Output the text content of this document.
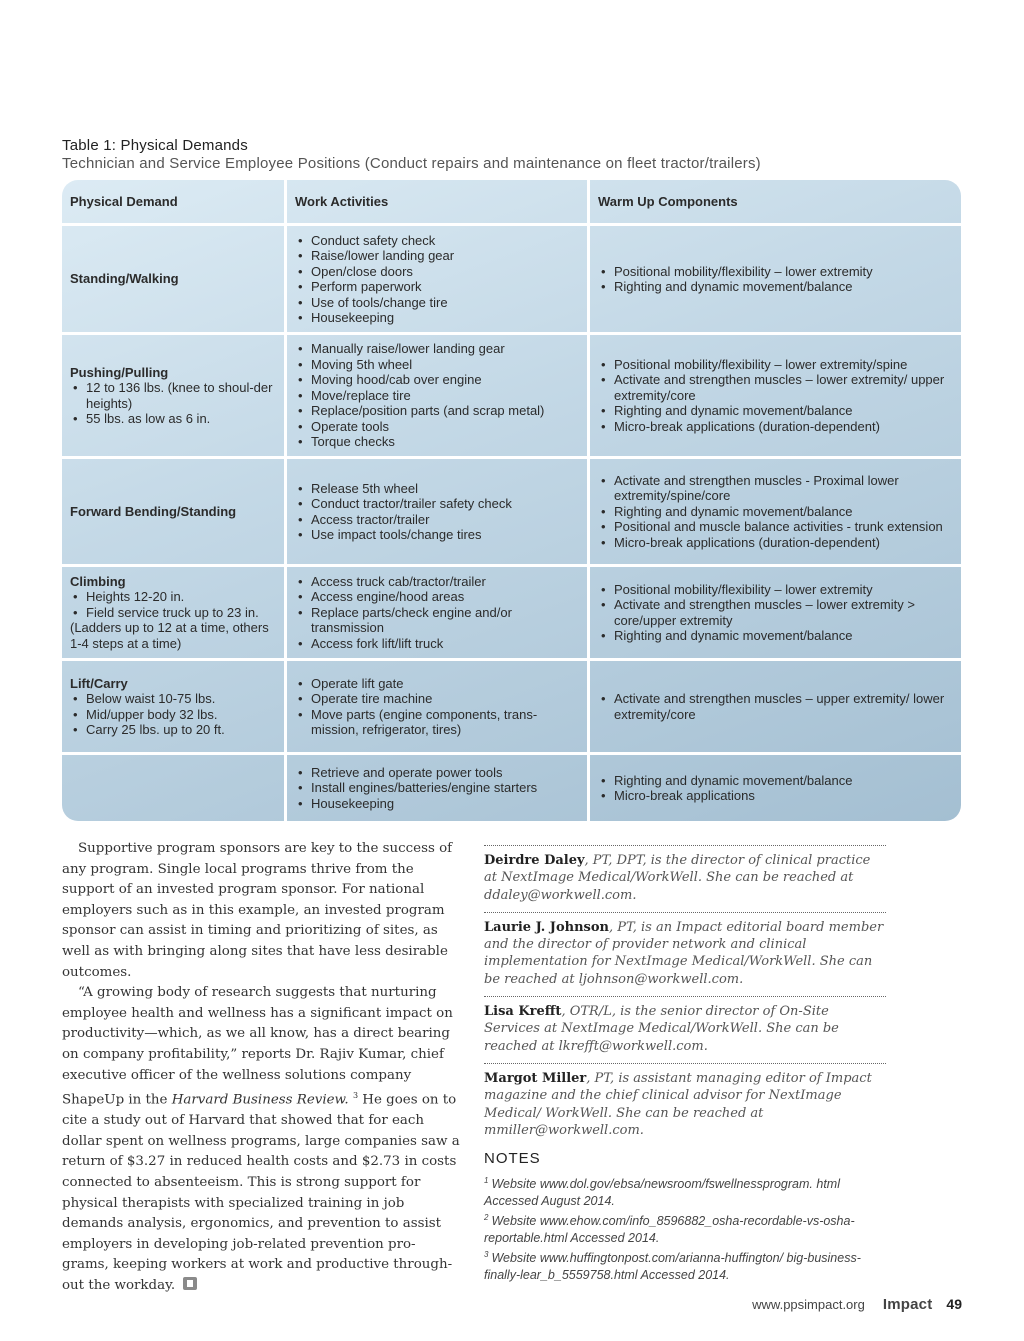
Table 1: Physical Demands
Technician and Service Employee Positions (Conduct repairs and maintenance on fleet tractor/trailers)
Physical Demand	Work Activities	Warm Up Components
Standing/Walking
• Conduct safety check
• Raise/lower landing gear
• Open/close doors
• Perform paperwork
• Use of tools/change tire
• Housekeeping
• Positional mobility/flexibility – lower extremity
• Righting and dynamic movement/balance
Pushing/Pulling
• 12 to 136 lbs. (knee to shoul-der heights)
• 55 lbs. as low as 6 in.
• Manually raise/lower landing gear
• Moving 5th wheel
• Moving hood/cab over engine
• Move/replace tire
• Replace/position parts (and scrap metal)
• Operate tools
• Torque checks
• Positional mobility/flexibility – lower extremity/spine
• Activate and strengthen muscles – lower extremity/ upper extremity/core
• Righting and dynamic movement/balance
• Micro-break applications (duration-dependent)
Forward Bending/Standing
• Release 5th wheel
• Conduct tractor/trailer safety check
• Access tractor/trailer
• Use impact tools/change tires
• Activate and strengthen muscles - Proximal lower extremity/spine/core
• Righting and dynamic movement/balance
• Positional and muscle balance activities - trunk extension
• Micro-break applications (duration-dependent)
Climbing
• Heights 12-20 in.
• Field service truck up to 23 in.
(Ladders up to 12 at a time, others 1-4 steps at a time)
• Access truck cab/tractor/trailer
• Access engine/hood areas
• Replace parts/check engine and/or transmission
• Access fork lift/lift truck
• Positional mobility/flexibility – lower extremity
• Activate and strengthen muscles – lower extremity > core/upper extremity
• Righting and dynamic movement/balance
Lift/Carry
• Below waist 10-75 lbs.
• Mid/upper body 32 lbs.
• Carry 25 lbs. up to 20 ft.
• Operate lift gate
• Operate tire machine
• Move parts (engine components, trans-mission, refrigerator, tires)
• Activate and strengthen muscles – upper extremity/ lower extremity/core
• Retrieve and operate power tools
• Install engines/batteries/engine starters
• Housekeeping
• Righting and dynamic movement/balance
• Micro-break applications

Supportive program sponsors are key to the success of any program. Single local programs thrive from the support of an invested program sponsor. For national employers such as in this example, an invested program sponsor can assist in timing and prioritizing of sites, as well as with bringing along sites that have less desirable outcomes.

“A growing body of research suggests that nurturing employee health and wellness has a significant impact on productivity—which, as we all know, has a direct bearing on company profitability,” reports Dr. Rajiv Kumar, chief executive officer of the wellness solutions company ShapeUp in the Harvard Business Review. $^3$ He goes on to cite a study out of Harvard that showed that for each dollar spent on wellness programs, large companies saw a return of $3.27 in reduced health costs and $2.73 in costs connected to absenteeism. This is strong support for physical therapists with specialized training in job demands analysis, ergonomics, and prevention to assist employers in developing job-related prevention pro-grams, keeping workers at work and productive through-out the workday.

Deirdre Daley, PT, DPT, is the director of clinical practice at NextImage Medical/WorkWell. She can be reached at ddaley@workwell.com.
Laurie J. Johnson, PT, is an Impact editorial board member and the director of provider network and clinical implementation for NextImage Medical/WorkWell. She can be reached at ljohnson@workwell.com.
Lisa Krefft, OTR/L, is the senior director of On-Site Services at NextImage Medical/WorkWell. She can be reached at lkrefft@workwell.com.
Margot Miller, PT, is assistant managing editor of Impact magazine and the chief clinical advisor for NextImage Medical/ WorkWell. She can be reached at mmiller@workwell.com.
NOTES
$^1$ Website www.dol.gov/ebsa/newsroom/fswellnessprogram. html Accessed August 2014.
$^2$ Website www.ehow.com/info_8596882_osha-recordable-vs-osha-reportable.html Accessed 2014.
$^3$ Website www.huffingtonpost.com/arianna-huffington/ big-business-finally-lear_b_5559758.html Accessed 2014.
www.ppsimpact.org Impact 49
